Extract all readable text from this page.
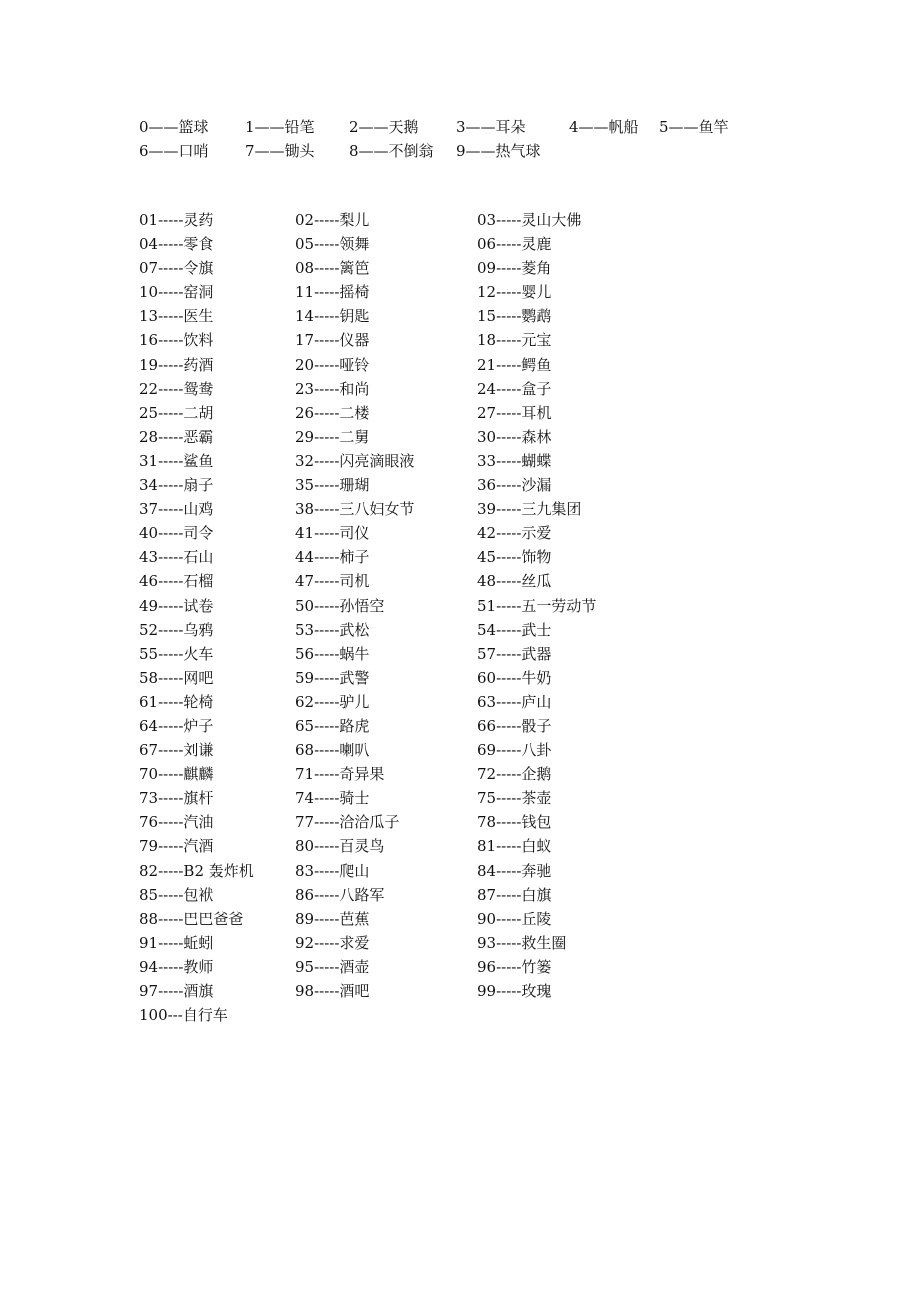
0——篮球 1——铅笔 2——天鹅 3——耳朵	4——帆船 5——鱼竿
6——口哨 7——锄头 8——不倒翁 9——热气球
01-----灵药	02-----梨儿	03-----灵山大佛
04-----零食	05-----领舞	06-----灵鹿
07-----令旗	08-----篱笆	09-----菱角
10-----窑洞	11-----摇椅	12-----婴儿
13-----医生	14-----钥匙	15-----鹦鹉
16-----饮料	17-----仪器	18-----元宝
19-----药酒	20-----哑铃	21-----鳄鱼
22-----鸳鸯	23-----和尚	24-----盒子
25-----二胡	26-----二楼	27-----耳机
28-----恶霸	29-----二舅	30-----森林
31-----鲨鱼	32-----闪亮滴眼液	33-----蝴蝶
34-----扇子	35-----珊瑚	36-----沙漏
37-----山鸡	38-----三八妇女节	39-----三九集团
40-----司令	41-----司仪	42-----示爱
43-----石山	44-----柿子	45-----饰物
46-----石榴	47-----司机	48-----丝瓜
49-----试卷	50-----孙悟空	51-----五一劳动节
52-----乌鸦	53-----武松	54-----武士
55-----火车	56-----蜗牛	57-----武器
58-----网吧	59-----武警	60-----牛奶
61-----轮椅	62-----驴儿	63-----庐山
64-----炉子	65-----路虎	66-----骰子
67-----刘谦	68-----喇叭	69-----八卦
70-----麒麟	71-----奇异果	72-----企鹅
73-----旗杆	74-----骑士	75-----茶壶
76-----汽油	77-----洽洽瓜子	78-----钱包
79-----汽酒	80-----百灵鸟	81-----白蚁
82-----B2 轰炸机	83-----爬山	84-----奔驰
85-----包袱	86-----八路军	87-----白旗
88-----巴巴爸爸	89-----芭蕉	90-----丘陵
91-----蚯蚓	92-----求爱	93-----救生圈
94-----教师	95-----酒壶	96-----竹篓
97-----酒旗	98-----酒吧	99-----玫瑰
100---自行车
